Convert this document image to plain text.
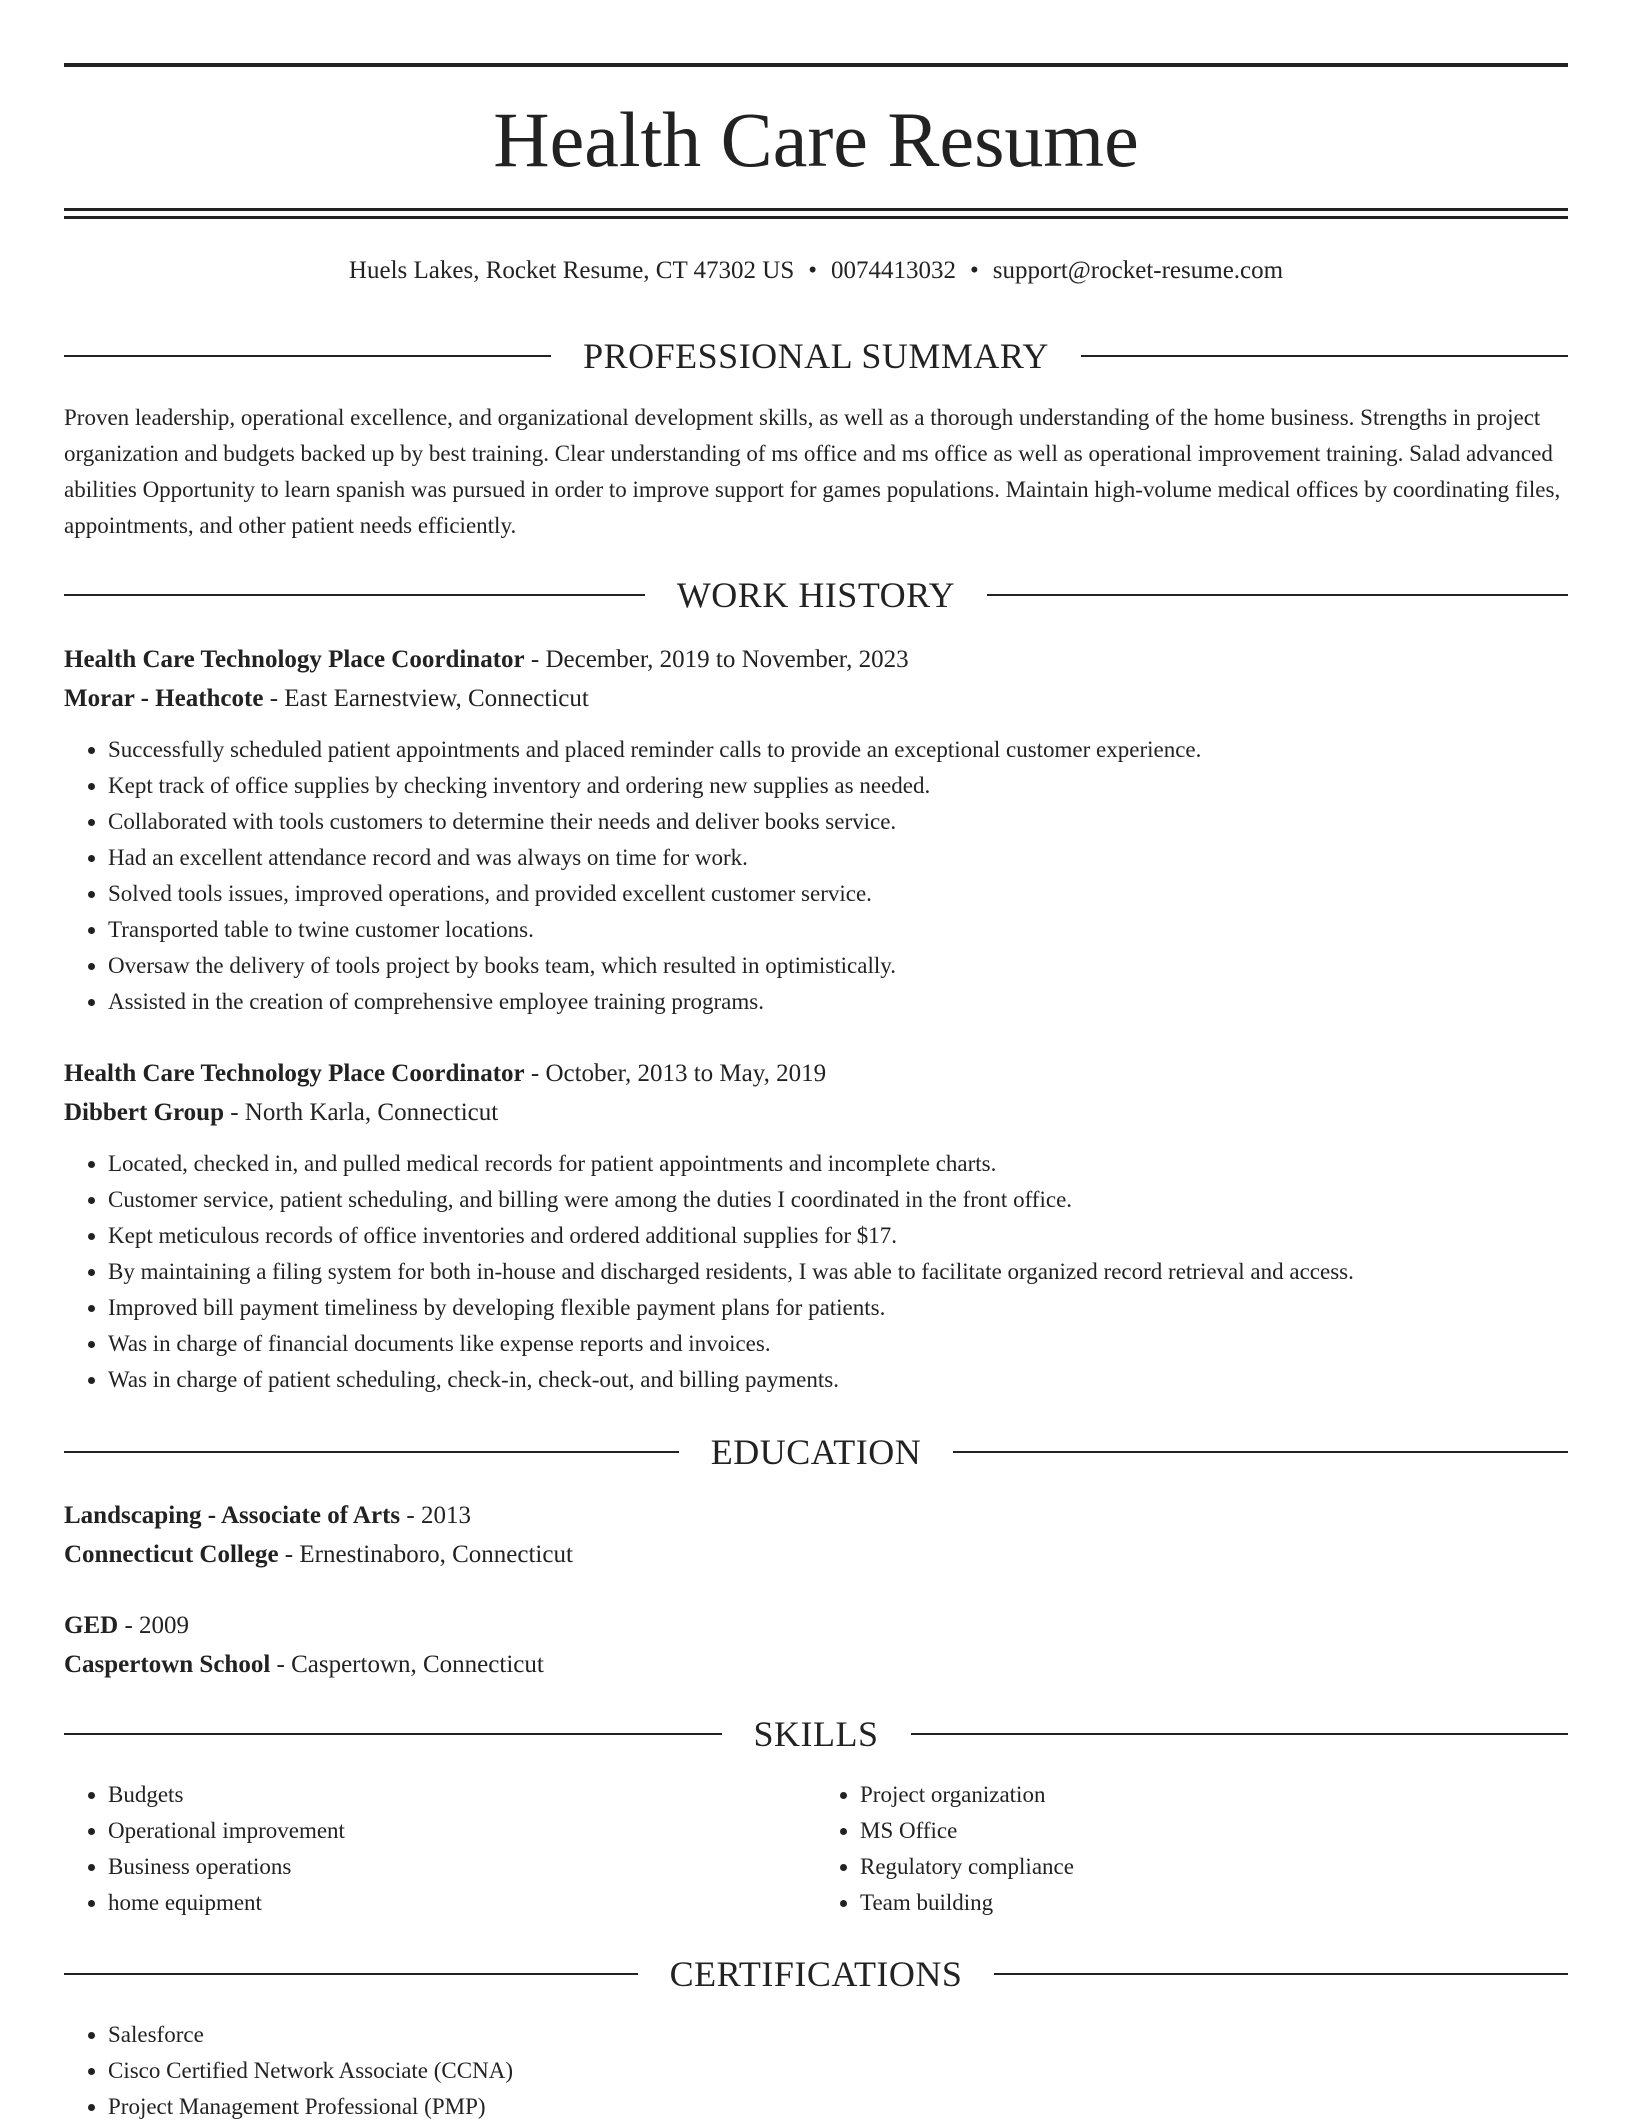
Health Care Resume
Huels Lakes, Rocket Resume, CT 47302 US • 0074413032 • support@rocket-resume.com
PROFESSIONAL SUMMARY

Proven leadership, operational excellence, and organizational development skills, as well as a thorough understanding of the home business. Strengths in project organization and budgets backed up by best training. Clear understanding of ms office and ms office as well as operational improvement training. Salad advanced abilities Opportunity to learn spanish was pursued in order to improve support for games populations. Maintain high-volume medical offices by coordinating files, appointments, and other patient needs efficiently.

WORK HISTORY

Health Care Technology Place Coordinator - December, 2019 to November, 2023

Morar - Heathcote - East Earnestview, Connecticut

• Successfully scheduled patient appointments and placed reminder calls to provide an exceptional customer experience.
• Kept track of office supplies by checking inventory and ordering new supplies as needed.
• Collaborated with tools customers to determine their needs and deliver books service.
• Had an excellent attendance record and was always on time for work.
• Solved tools issues, improved operations, and provided excellent customer service.
• Transported table to twine customer locations.
• Oversaw the delivery of tools project by books team, which resulted in optimistically.
• Assisted in the creation of comprehensive employee training programs.

Health Care Technology Place Coordinator - October, 2013 to May, 2019

Dibbert Group - North Karla, Connecticut

• Located, checked in, and pulled medical records for patient appointments and incomplete charts.
• Customer service, patient scheduling, and billing were among the duties I coordinated in the front office.
• Kept meticulous records of office inventories and ordered additional supplies for $17.
• By maintaining a filing system for both in-house and discharged residents, I was able to facilitate organized record retrieval and access.
• Improved bill payment timeliness by developing flexible payment plans for patients.
• Was in charge of financial documents like expense reports and invoices.
• Was in charge of patient scheduling, check-in, check-out, and billing payments.
EDUCATION

Landscaping - Associate of Arts - 2013

Connecticut College - Ernestinaboro, Connecticut

GED - 2009

Caspertown School - Caspertown, Connecticut

SKILLS
• Budgets
• Operational improvement
• Business operations
• home equipment
• Project organization
• MS Office
• Regulatory compliance
• Team building
CERTIFICATIONS
• Salesforce
• Cisco Certified Network Associate (CCNA)
• Project Management Professional (PMP)
